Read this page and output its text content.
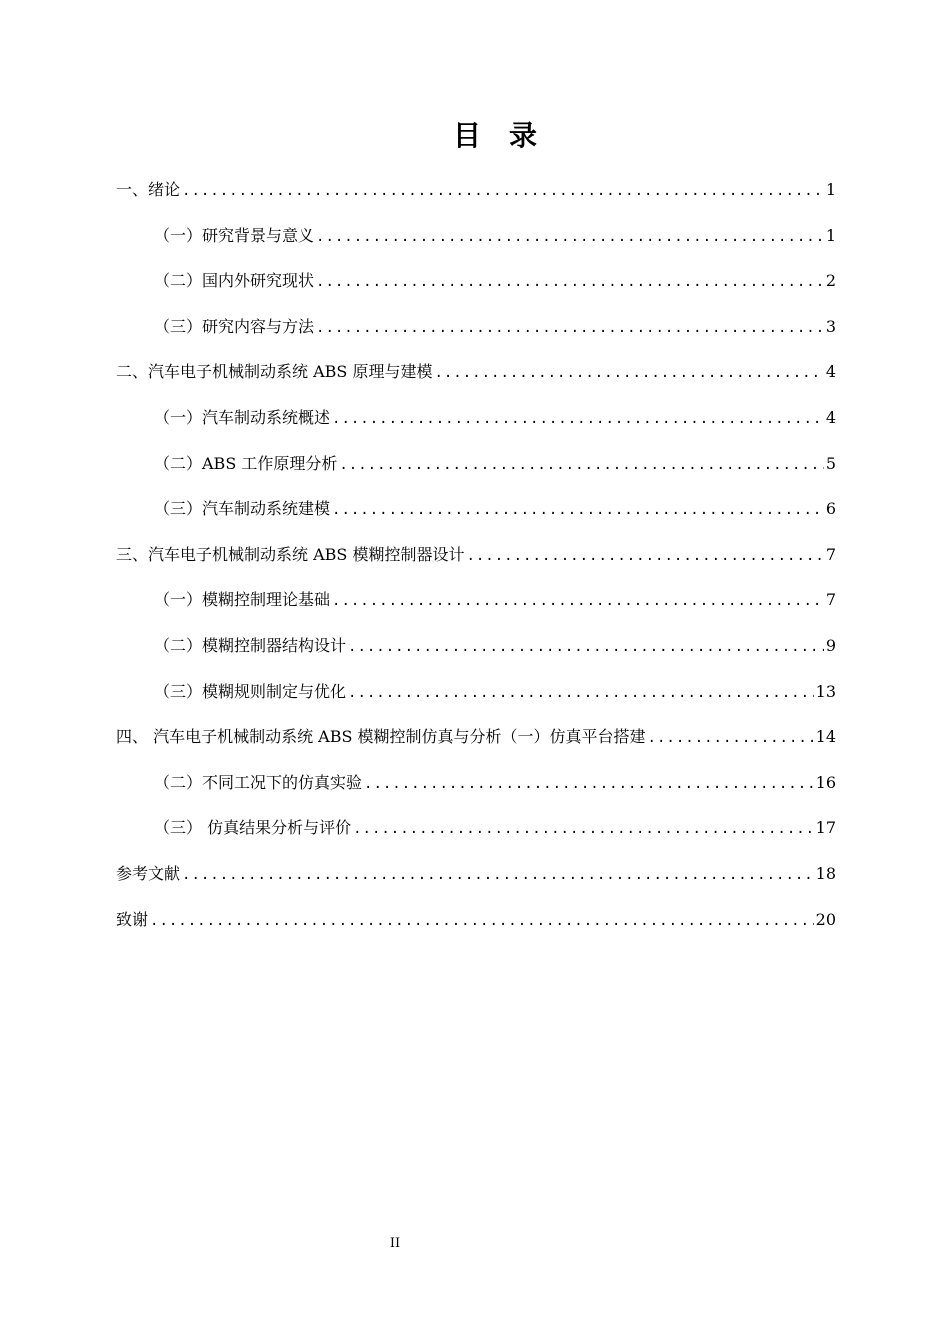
目　录
一、绪论 .....	1
（一）研究背景与意义 .....	1
（二）国内外研究现状 .....	2
（三）研究内容与方法 .....	3
二、汽车电子机械制动系统 ABS 原理与建模 .....	4
（一）汽车制动系统概述 .....	4
（二）ABS 工作原理分析 .....	5
（三）汽车制动系统建模 .....	6
三、汽车电子机械制动系统 ABS 模糊控制器设计 .....	7
（一）模糊控制理论基础 .....	7
（二）模糊控制器结构设计 .....	9
（三）模糊规则制定与优化 .....	13
四、 汽车电子机械制动系统 ABS 模糊控制仿真与分析（一）仿真平台搭建 .....	14
（二）不同工况下的仿真实验 .....	16
（三） 仿真结果分析与评价 .....	17
参考文献 .....	18
致谢 .....	20
II
